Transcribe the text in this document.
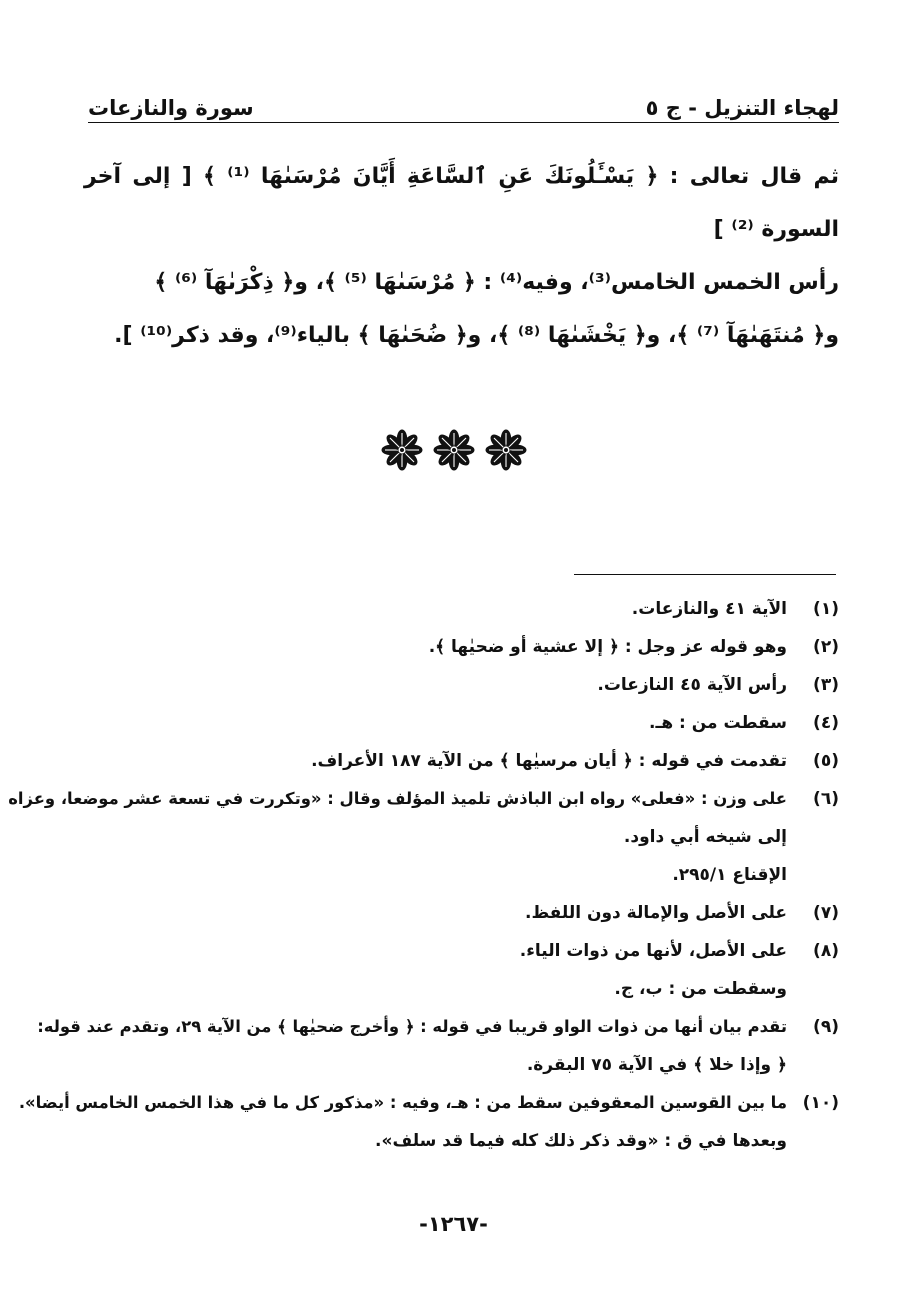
لهجاء التنزيل - ج ٥
سورة والنازعات

ثم قال تعالى : ﴿ يَسْـَٔلُونَكَ عَنِ ٱلسَّاعَةِ أَيَّانَ مُرْسَىٰهَا ⁽¹⁾ ﴾ [ إلى آخر السورة ⁽²⁾ ]

رأس الخمس الخامس⁽³⁾، وفيه⁽⁴⁾ : ﴿ مُرْسَىٰهَا ⁽⁵⁾ ﴾، و﴿ ذِكْرَىٰهَآ ⁽⁶⁾ ﴾

و﴿ مُنتَهَىٰهَآ ⁽⁷⁾ ﴾، و﴿ يَخْشَىٰهَا ⁽⁸⁾ ﴾، و﴿ ضُحَىٰهَا ﴾ بالياء⁽⁹⁾، وقد ذكر⁽¹⁰⁾ ].

(١)
الآية ٤١ والنازعات.
(٢)
وهو قوله عز وجل : ﴿ إلا عشية أو ضحيٰها ﴾.
(٣)
رأس الآية ٤٥ النازعات.
(٤)
سقطت من : هـ.
(٥)
تقدمت في قوله : ﴿ أيان مرسيٰها ﴾ من الآية ١٨٧ الأعراف.
(٦)
على وزن : «فعلى» رواه ابن الباذش تلميذ المؤلف وقال : «وتكررت في تسعة عشر موضعا، وعزاه
إلى شيخه أبي داود.
الإقناع ٢٩٥/١.
(٧)
على الأصل والإمالة دون اللفظ.
(٨)
على الأصل، لأنها من ذوات الياء.
وسقطت من : ب، ج.
(٩)
تقدم بيان أنها من ذوات الواو قريبا في قوله : ﴿ وأخرج ضحيٰها ﴾ من الآية ٢٩، وتقدم عند قوله:
﴿ وإذا خلا ﴾ في الآية ٧٥ البقرة.
(١٠)
ما بين القوسين المعقوفين سقط من : هـ، وفيه : «مذكور كل ما في هذا الخمس الخامس أيضا».
وبعدها في ق : «وقد ذكر ذلك كله فيما قد سلف».
-١٢٦٧-
